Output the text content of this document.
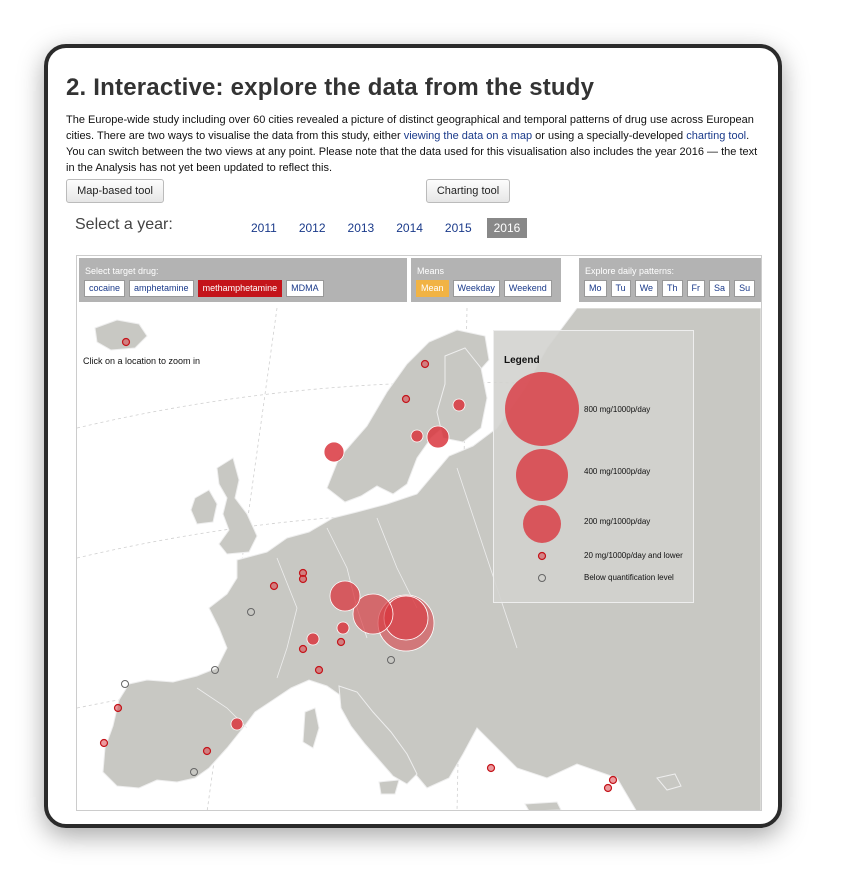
2. Interactive: explore the data from the study
The Europe-wide study including over 60 cities revealed a picture of distinct geographical and temporal patterns of drug use across European cities. There are two ways to visualise the data from this study, either viewing the data on a map or using a specially-developed charting tool. You can switch between the two views at any point. Please note that the data used for this visualisation also includes the year 2016 — the text in the Analysis has not yet been updated to reflect this.
Map-based tool	Charting tool
Select a year:	2011	2012	2013	2014	2015	2016
Select target drug:
cocaine	amphetamine	methamphetamine	MDMA
Means
Mean	Weekday	Weekend
Explore daily patterns:
Mo	Tu	We	Th	Fr	Sa	Su
Click on a location to zoom in	Legend
800 mg/1000p/day
400 mg/1000p/day
200 mg/1000p/day
20 mg/1000p/day and lower
Below quantification level
